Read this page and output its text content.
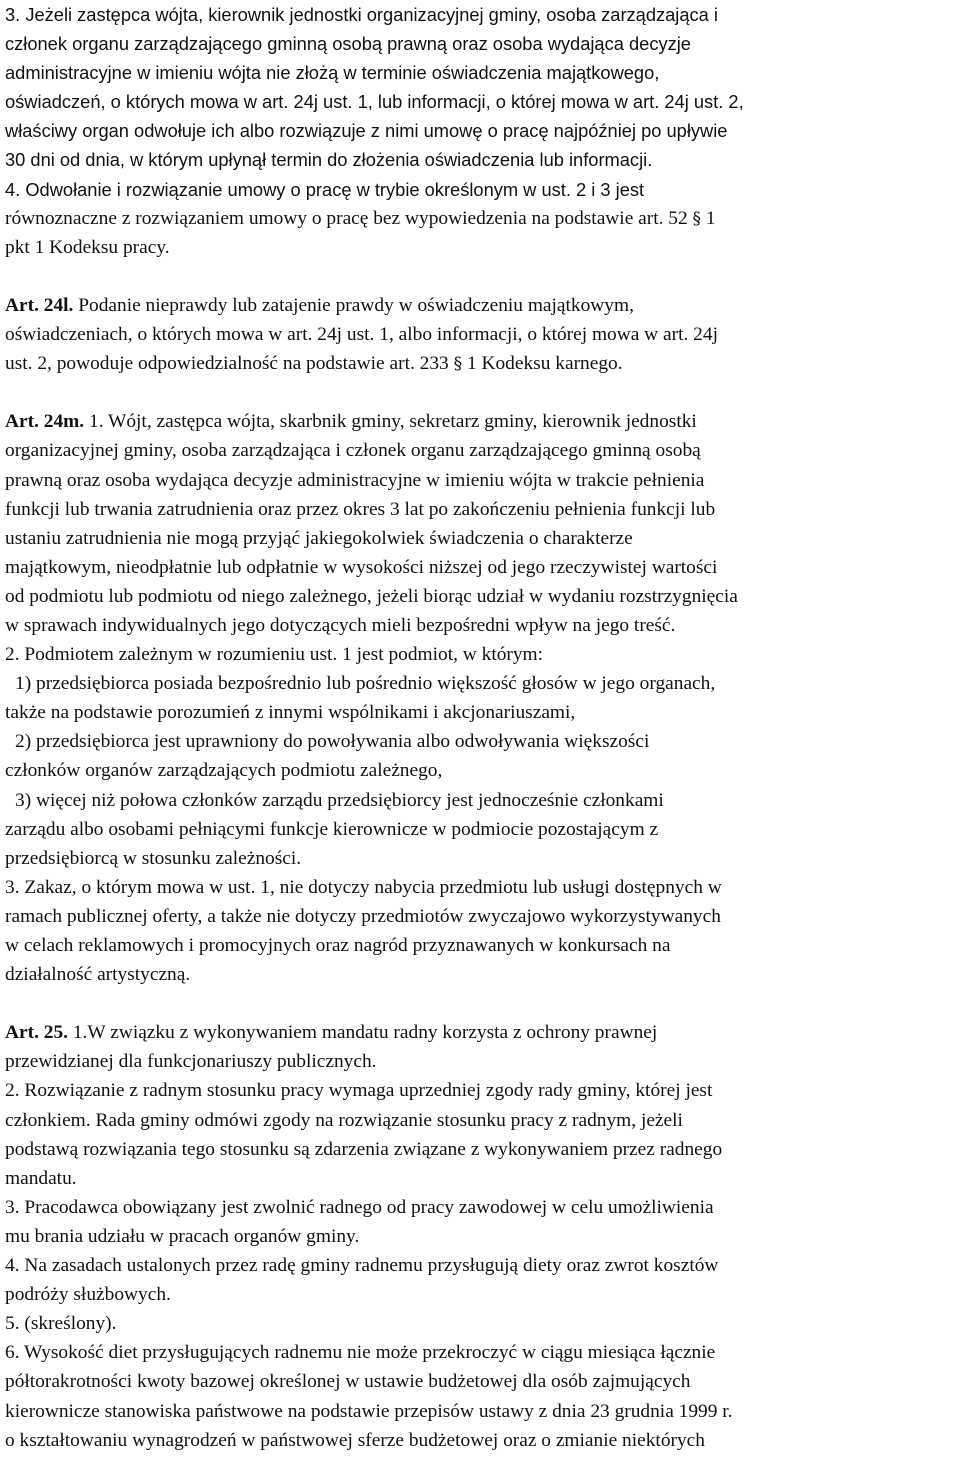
3. Jeżeli zastępca wójta, kierownik jednostki organizacyjnej gminy, osoba zarządzająca i
członek organu zarządzającego gminną osobą prawną oraz osoba wydająca decyzje
administracyjne w imieniu wójta nie złożą w terminie oświadczenia majątkowego,
oświadczeń, o których mowa w art. 24j ust. 1, lub informacji, o której mowa w art. 24j ust. 2,
właściwy organ odwołuje ich albo rozwiązuje z nimi umowę o pracę najpóźniej po upływie
30 dni od dnia, w którym upłynął termin do złożenia oświadczenia lub informacji.
4. Odwołanie i rozwiązanie umowy o pracę w trybie określonym w ust. 2 i 3 jest
równoznaczne z rozwiązaniem umowy o pracę bez wypowiedzenia na podstawie art. 52 § 1
pkt 1 Kodeksu pracy.
Art. 24l. Podanie nieprawdy lub zatajenie prawdy w oświadczeniu majątkowym,
oświadczeniach, o których mowa w art. 24j ust. 1, albo informacji, o której mowa w art. 24j
ust. 2, powoduje odpowiedzialność na podstawie art. 233 § 1 Kodeksu karnego.
Art. 24m. 1. Wójt, zastępca wójta, skarbnik gminy, sekretarz gminy, kierownik jednostki
organizacyjnej gminy, osoba zarządzająca i członek organu zarządzającego gminną osobą
prawną oraz osoba wydająca decyzje administracyjne w imieniu wójta w trakcie pełnienia
funkcji lub trwania zatrudnienia oraz przez okres 3 lat po zakończeniu pełnienia funkcji lub
ustaniu zatrudnienia nie mogą przyjąć jakiegokolwiek świadczenia o charakterze
majątkowym, nieodpłatnie lub odpłatnie w wysokości niższej od jego rzeczywistej wartości
od podmiotu lub podmiotu od niego zależnego, jeżeli biorąc udział w wydaniu rozstrzygnięcia
w sprawach indywidualnych jego dotyczących mieli bezpośredni wpływ na jego treść.
2. Podmiotem zależnym w rozumieniu ust. 1 jest podmiot, w którym:
1) przedsiębiorca posiada bezpośrednio lub pośrednio większość głosów w jego organach,
także na podstawie porozumień z innymi wspólnikami i akcjonariuszami,
2) przedsiębiorca jest uprawniony do powoływania albo odwoływania większości
członków organów zarządzających podmiotu zależnego,
3) więcej niż połowa członków zarządu przedsiębiorcy jest jednocześnie członkami
zarządu albo osobami pełniącymi funkcje kierownicze w podmiocie pozostającym z
przedsiębiorcą w stosunku zależności.
3. Zakaz, o którym mowa w ust. 1, nie dotyczy nabycia przedmiotu lub usługi dostępnych w
ramach publicznej oferty, a także nie dotyczy przedmiotów zwyczajowo wykorzystywanych
w celach reklamowych i promocyjnych oraz nagród przyznawanych w konkursach na
działalność artystyczną.
Art. 25. 1.W związku z wykonywaniem mandatu radny korzysta z ochrony prawnej
przewidzianej dla funkcjonariuszy publicznych.
2. Rozwiązanie z radnym stosunku pracy wymaga uprzedniej zgody rady gminy, której jest
członkiem. Rada gminy odmówi zgody na rozwiązanie stosunku pracy z radnym, jeżeli
podstawą rozwiązania tego stosunku są zdarzenia związane z wykonywaniem przez radnego
mandatu.
3. Pracodawca obowiązany jest zwolnić radnego od pracy zawodowej w celu umożliwienia
mu brania udziału w pracach organów gminy.
4. Na zasadach ustalonych przez radę gminy radnemu przysługują diety oraz zwrot kosztów
podróży służbowych.
5. (skreślony).
6. Wysokość diet przysługujących radnemu nie może przekroczyć w ciągu miesiąca łącznie
półtorakrotności kwoty bazowej określonej w ustawie budżetowej dla osób zajmujących
kierownicze stanowiska państwowe na podstawie przepisów ustawy z dnia 23 grudnia 1999 r.
o kształtowaniu wynagrodzeń w państwowej sferze budżetowej oraz o zmianie niektórych
